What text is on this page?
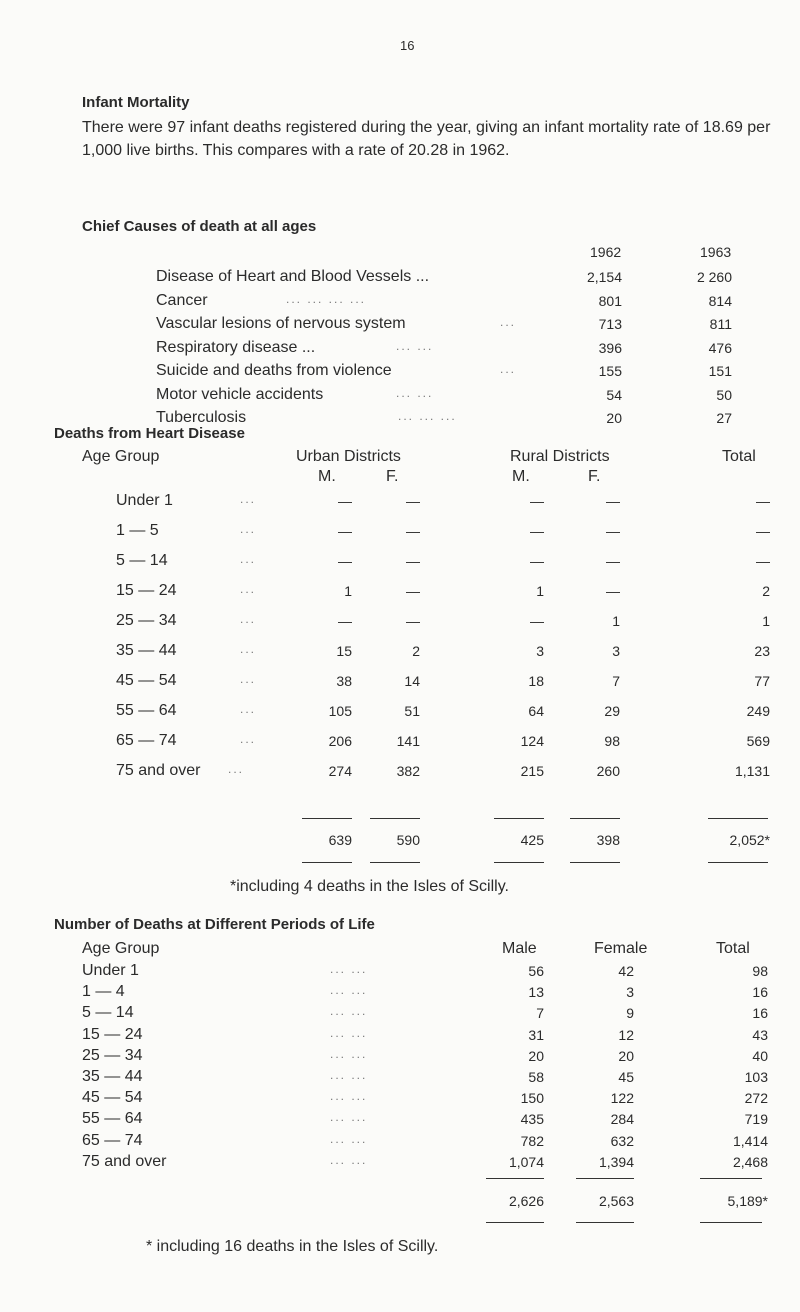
16
Infant Mortality
There were 97 infant deaths registered during the year, giving an infant mortality rate of 18.69 per 1,000 live births. This compares with a rate of 20.28 in 1962.
Chief Causes of death at all ages
1962	1963
Disease of Heart and Blood Vessels ...	2,154	2 260
Cancer	... ... ... ...	801	814
Vascular lesions of nervous system	...	713	811
Respiratory disease ...	... ...	396	476
Suicide and deaths from violence	...	155	151
Motor vehicle accidents	... ...	54	50
Tuberculosis	... ... ...	20	27
Deaths from Heart Disease
Age Group	Urban Districts	Rural Districts	Total
M.	F.	M.	F.
Under 1	...	—	—	—	—	—
1 — 5	...	—	—	—	—	—
5 — 14	...	—	—	—	—	—
15 — 24	...	1	—	1	—	2
25 — 34	...	—	—	—	1	1
35 — 44	...	15	2	3	3	23
45 — 54	...	38	14	18	7	77
55 — 64	...	105	51	64	29	249
65 — 74	...	206	141	124	98	569
75 and over ...	274	382	215	260	1,131
639	590	425	398	2,052*
*including 4 deaths in the Isles of Scilly.
Number of Deaths at Different Periods of Life
Age Group	Male	Female	Total
Under 1	... ...	56	42	98
1 — 4	... ...	13	3	16
5 — 14	... ...	7	9	16
15 — 24	... ...	31	12	43
25 — 34	... ...	20	20	40
35 — 44	... ...	58	45	103
45 — 54	... ...	150	122	272
55 — 64	... ...	435	284	719
65 — 74	... ...	782	632	1,414
75 and over	... ...	1,074	1,394	2,468
2,626	2,563	5,189*
* including 16 deaths in the Isles of Scilly.
